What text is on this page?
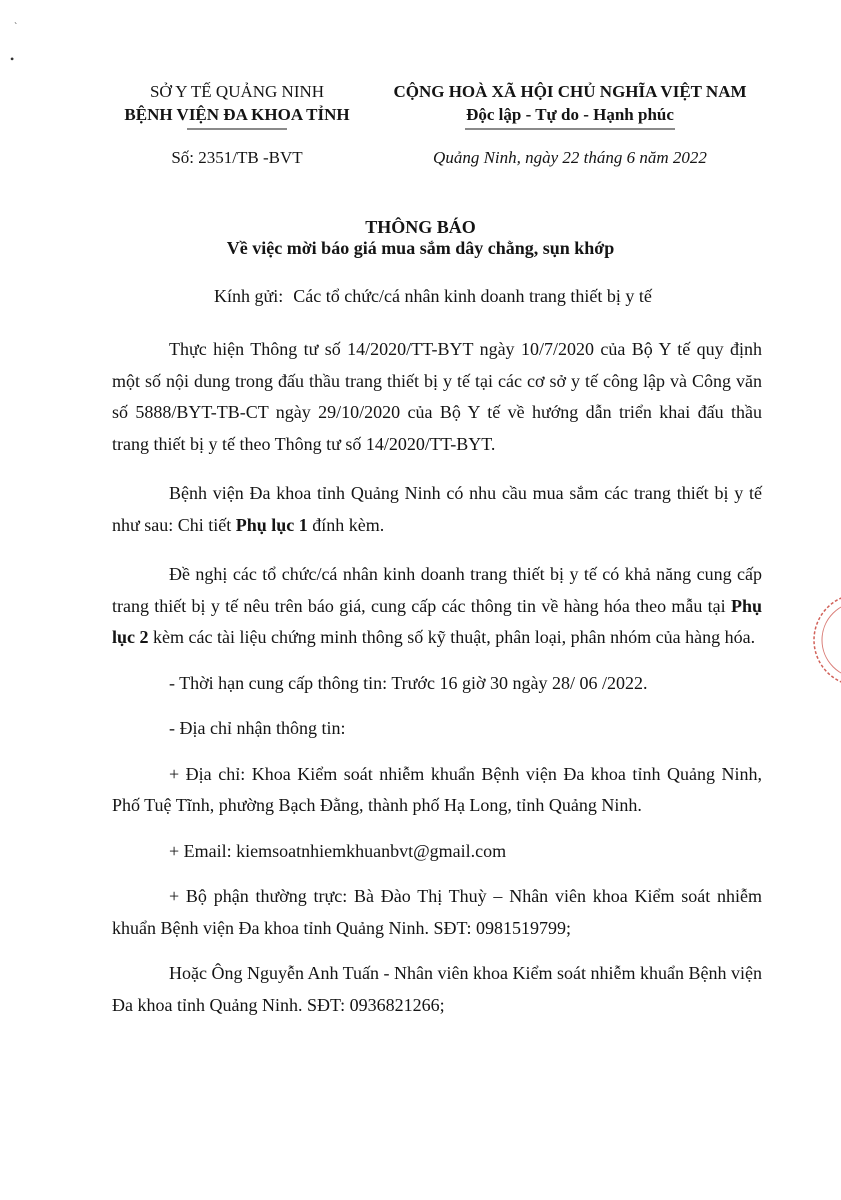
ˋ
•
SỞ Y TẾ QUẢNG NINH
BỆNH VIỆN ĐA KHOA TỈNH
CỘNG HOÀ XÃ HỘI CHỦ NGHĨA VIỆT NAM
Độc lập - Tự do - Hạnh phúc
Số: 2351/TB -BVT	Quảng Ninh, ngày 22 tháng 6 năm 2022
THÔNG BÁO
Về việc mời báo giá mua sắm dây chằng, sụn khớp
Kính gửi: Các tổ chức/cá nhân kinh doanh trang thiết bị y tế

Thực hiện Thông tư số 14/2020/TT-BYT ngày 10/7/2020 của Bộ Y tế quy định một số nội dung trong đấu thầu trang thiết bị y tế tại các cơ sở y tế công lập và Công văn số 5888/BYT-TB-CT ngày 29/10/2020 của Bộ Y tế về hướng dẫn triển khai đấu thầu trang thiết bị y tế theo Thông tư số 14/2020/TT-BYT.

Bệnh viện Đa khoa tỉnh Quảng Ninh có nhu cầu mua sắm các trang thiết bị y tế như sau: Chi tiết Phụ lục 1 đính kèm.

Đề nghị các tổ chức/cá nhân kinh doanh trang thiết bị y tế có khả năng cung cấp trang thiết bị y tế nêu trên báo giá, cung cấp các thông tin về hàng hóa theo mẫu tại Phụ lục 2 kèm các tài liệu chứng minh thông số kỹ thuật, phân loại, phân nhóm của hàng hóa.

- Thời hạn cung cấp thông tin: Trước 16 giờ 30 ngày 28/ 06 /2022.

- Địa chỉ nhận thông tin:

+ Địa chỉ: Khoa Kiểm soát nhiễm khuẩn Bệnh viện Đa khoa tỉnh Quảng Ninh, Phố Tuệ Tĩnh, phường Bạch Đằng, thành phố Hạ Long, tỉnh Quảng Ninh.

+ Email: kiemsoatnhiemkhuanbvt@gmail.com

+ Bộ phận thường trực: Bà Đào Thị Thuỳ – Nhân viên khoa Kiểm soát nhiễm khuẩn Bệnh viện Đa khoa tỉnh Quảng Ninh. SĐT: 0981519799;

Hoặc Ông Nguyễn Anh Tuấn - Nhân viên khoa Kiểm soát nhiễm khuẩn Bệnh viện Đa khoa tỉnh Quảng Ninh. SĐT: 0936821266;
